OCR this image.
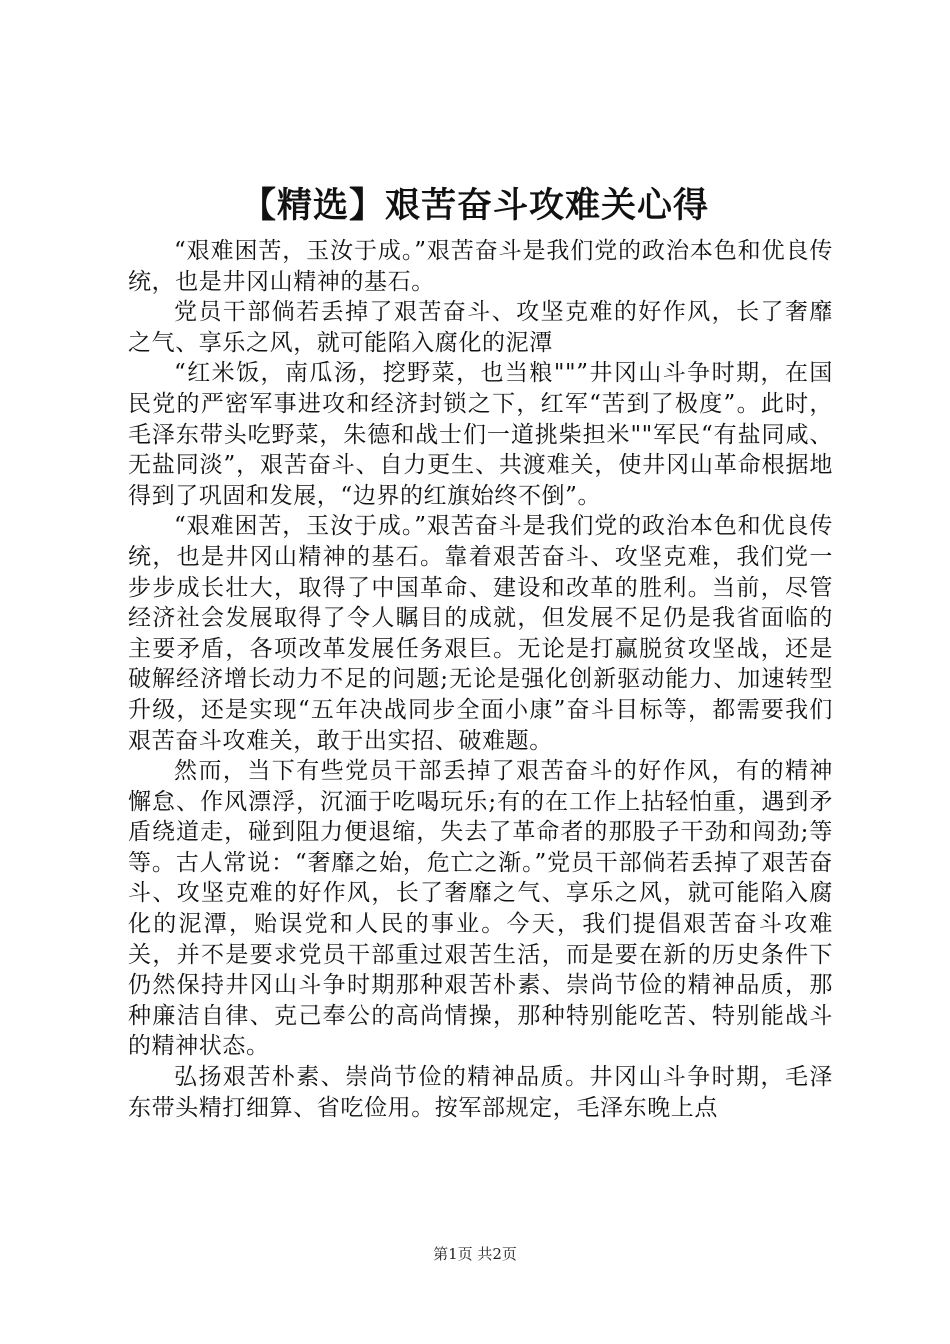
【精选】艰苦奋斗攻难关心得

“艰难困苦，玉汝于成。”艰苦奋斗是我们党的政治本色和优良传统，也是井冈山精神的基石。

党员干部倘若丢掉了艰苦奋斗、攻坚克难的好作风，长了奢靡之气、享乐之风，就可能陷入腐化的泥潭

“红米饭，南瓜汤，挖野菜，也当粮""”井冈山斗争时期，在国民党的严密军事进攻和经济封锁之下，红军“苦到了极度”。此时，毛泽东带头吃野菜，朱德和战士们一道挑柴担米""军民“有盐同咸、无盐同淡”，艰苦奋斗、自力更生、共渡难关，使井冈山革命根据地得到了巩固和发展，“边界的红旗始终不倒”。

“艰难困苦，玉汝于成。”艰苦奋斗是我们党的政治本色和优良传统，也是井冈山精神的基石。靠着艰苦奋斗、攻坚克难，我们党一步步成长壮大，取得了中国革命、建设和改革的胜利。当前，尽管经济社会发展取得了令人瞩目的成就，但发展不足仍是我省面临的主要矛盾，各项改革发展任务艰巨。无论是打赢脱贫攻坚战，还是破解经济增长动力不足的问题;无论是强化创新驱动能力、加速转型升级，还是实现“五年决战同步全面小康”奋斗目标等，都需要我们艰苦奋斗攻难关，敢于出实招、破难题。

然而，当下有些党员干部丢掉了艰苦奋斗的好作风，有的精神懈怠、作风漂浮，沉湎于吃喝玩乐;有的在工作上拈轻怕重，遇到矛盾绕道走，碰到阻力便退缩，失去了革命者的那股子干劲和闯劲;等等。古人常说：“奢靡之始，危亡之渐。”党员干部倘若丢掉了艰苦奋斗、攻坚克难的好作风，长了奢靡之气、享乐之风，就可能陷入腐化的泥潭，贻误党和人民的事业。今天，我们提倡艰苦奋斗攻难关，并不是要求党员干部重过艰苦生活，而是要在新的历史条件下仍然保持井冈山斗争时期那种艰苦朴素、崇尚节俭的精神品质，那种廉洁自律、克己奉公的高尚情操，那种特别能吃苦、特别能战斗的精神状态。

弘扬艰苦朴素、崇尚节俭的精神品质。井冈山斗争时期，毛泽东带头精打细算、省吃俭用。按军部规定，毛泽东晚上点

第1页 共2页
